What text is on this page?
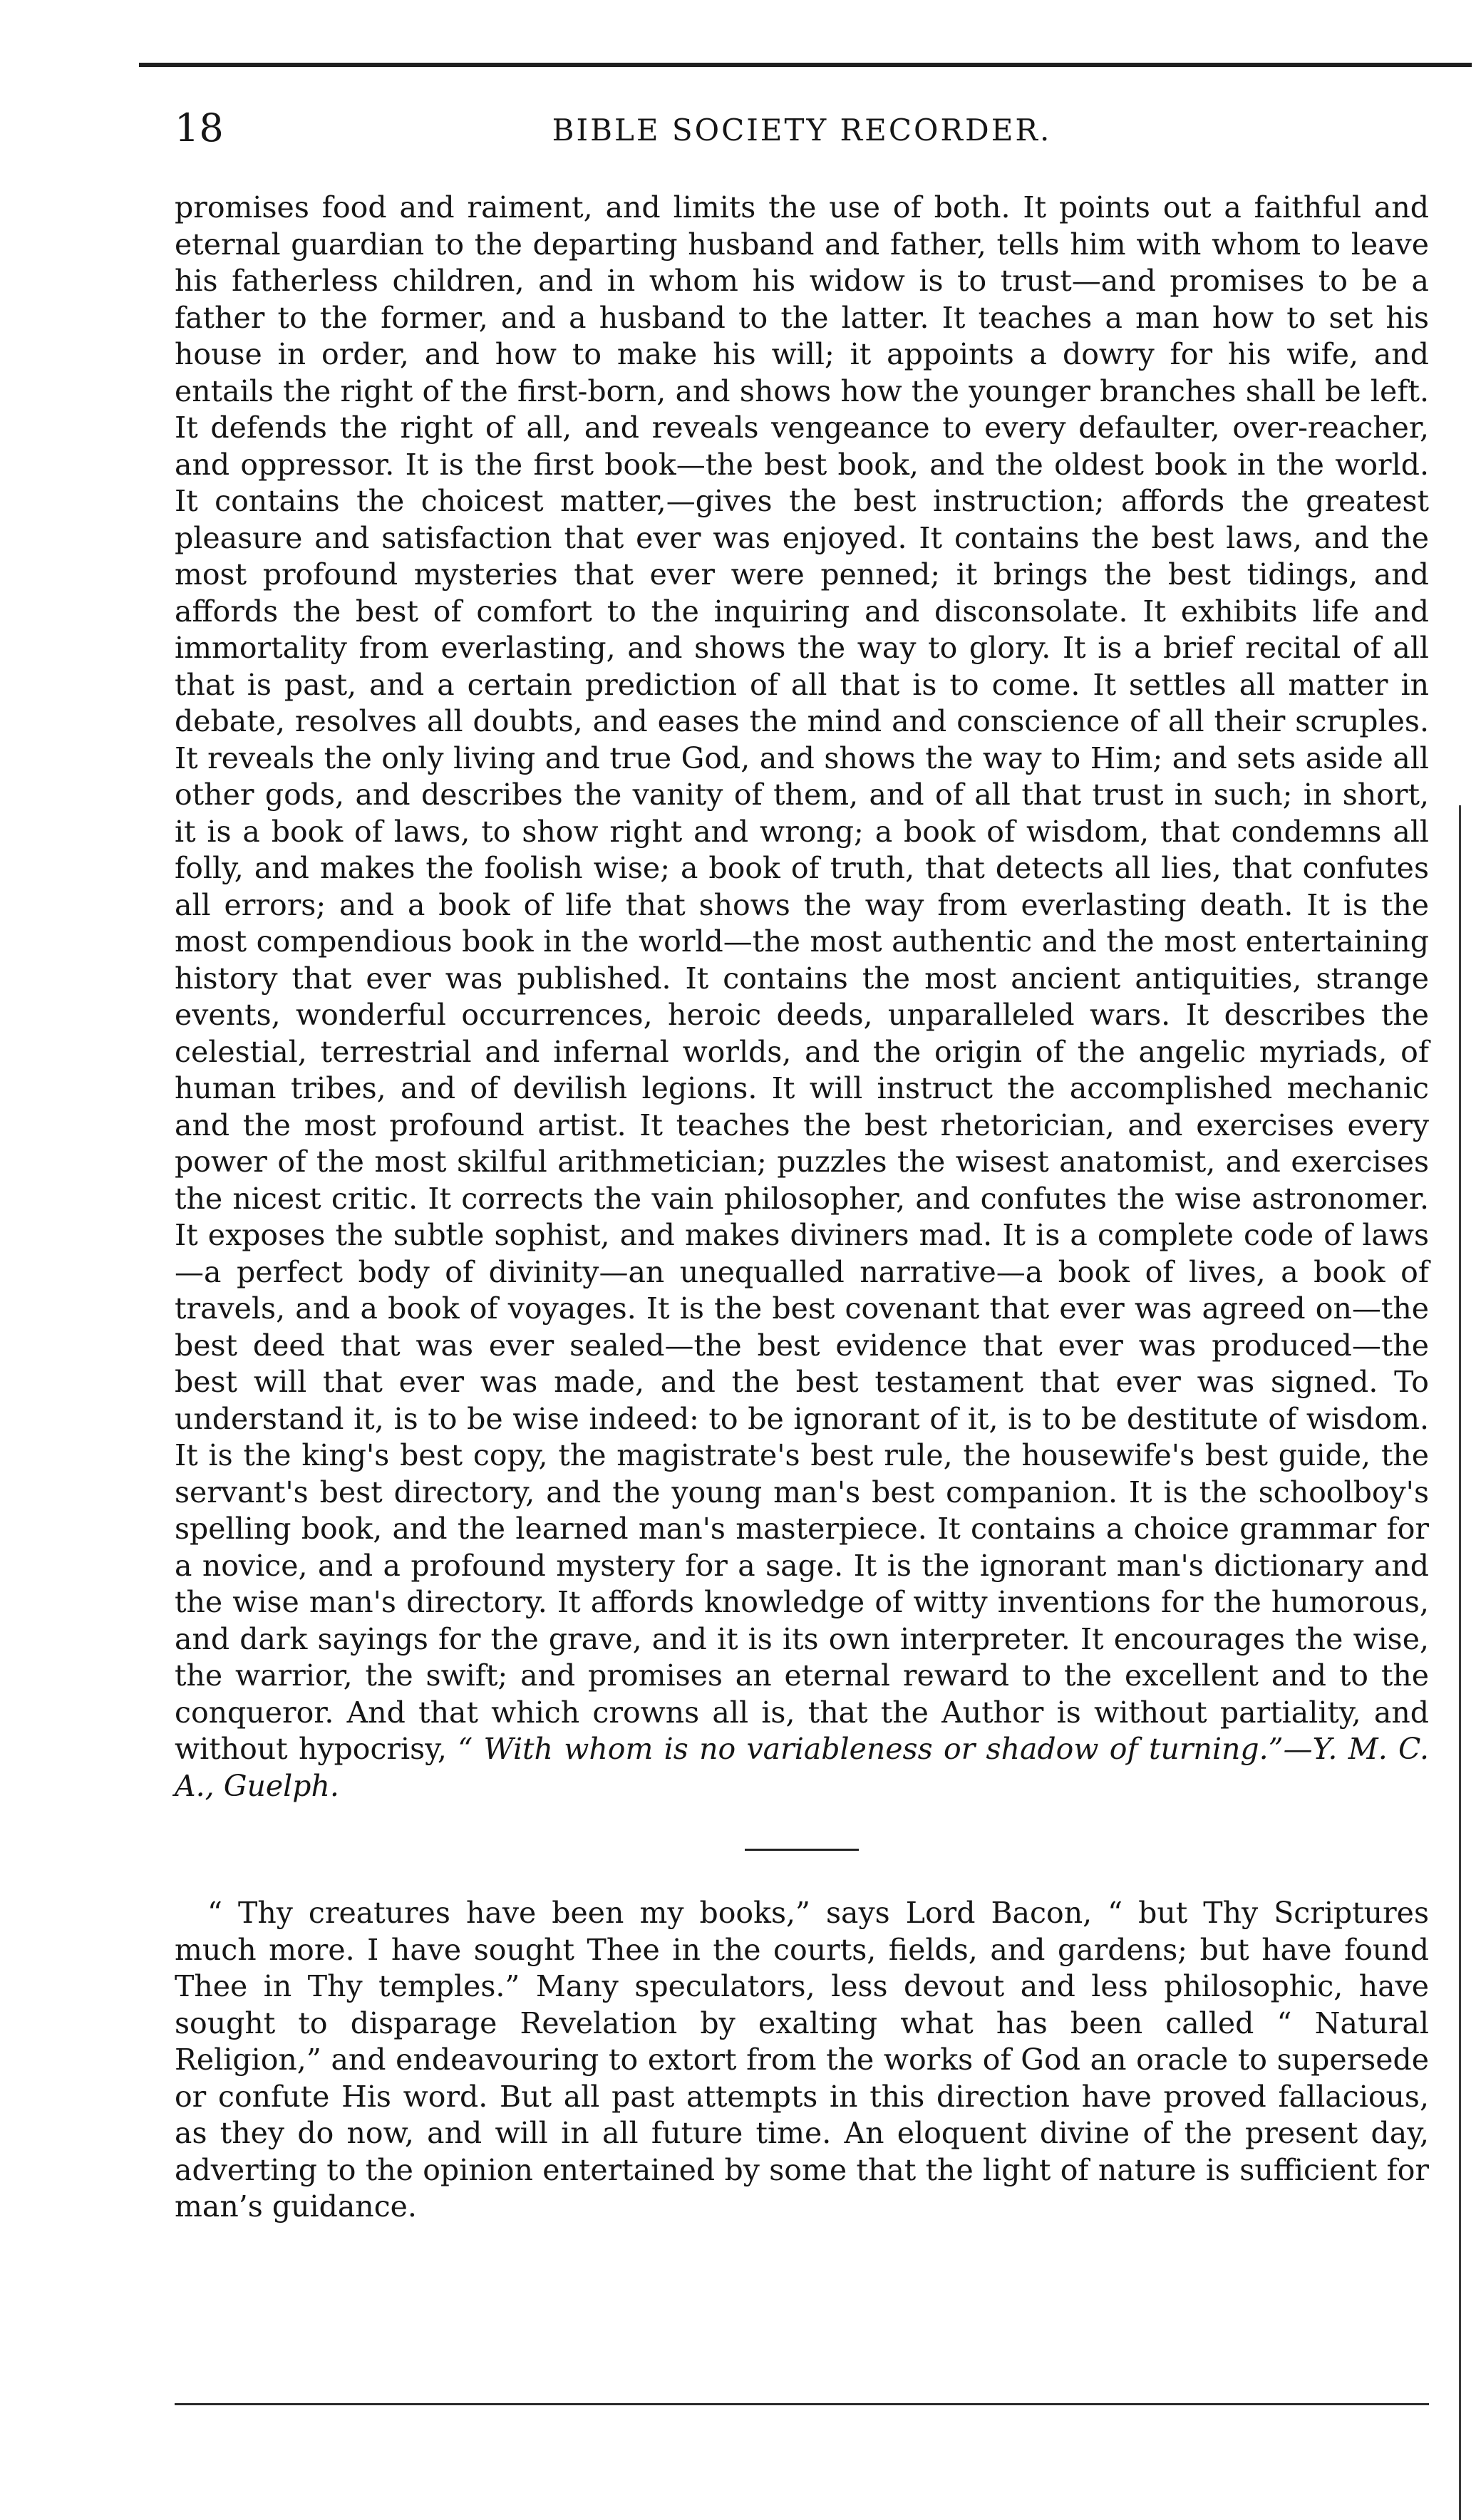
18	BIBLE SOCIETY RECORDER.

promises food and raiment, and limits the use of both. It points out a faithful and eternal guardian to the departing husband and father, tells him with whom to leave his fatherless children, and in whom his widow is to trust—and promises to be a father to the former, and a husband to the latter. It teaches a man how to set his house in order, and how to make his will; it appoints a dowry for his wife, and entails the right of the first-born, and shows how the younger branches shall be left. It defends the right of all, and reveals vengeance to every defaulter, over-reacher, and oppressor. It is the first book—the best book, and the oldest book in the world. It contains the choicest matter,—gives the best instruction; affords the greatest pleasure and satisfaction that ever was enjoyed. It contains the best laws, and the most profound mysteries that ever were penned; it brings the best tidings, and affords the best of comfort to the inquiring and disconsolate. It exhibits life and immortality from everlasting, and shows the way to glory. It is a brief recital of all that is past, and a certain prediction of all that is to come. It settles all matter in debate, resolves all doubts, and eases the mind and conscience of all their scruples. It reveals the only living and true God, and shows the way to Him; and sets aside all other gods, and describes the vanity of them, and of all that trust in such; in short, it is a book of laws, to show right and wrong; a book of wisdom, that condemns all folly, and makes the foolish wise; a book of truth, that detects all lies, that confutes all errors; and a book of life that shows the way from everlasting death. It is the most compendious book in the world—the most authentic and the most entertaining history that ever was published. It contains the most ancient antiquities, strange events, wonderful occurrences, heroic deeds, unparalleled wars. It describes the celestial, terrestrial and infernal worlds, and the origin of the angelic myriads, of human tribes, and of devilish legions. It will instruct the accomplished mechanic and the most profound artist. It teaches the best rhetorician, and exercises every power of the most skilful arithmetician; puzzles the wisest anatomist, and exercises the nicest critic. It corrects the vain philosopher, and confutes the wise astronomer. It exposes the subtle sophist, and makes diviners mad. It is a complete code of laws—a perfect body of divinity—an unequalled narrative—a book of lives, a book of travels, and a book of voyages. It is the best covenant that ever was agreed on—the best deed that was ever sealed—the best evidence that ever was produced—the best will that ever was made, and the best testament that ever was signed. To understand it, is to be wise indeed: to be ignorant of it, is to be destitute of wisdom. It is the king's best copy, the magistrate's best rule, the housewife's best guide, the servant's best directory, and the young man's best companion. It is the schoolboy's spelling book, and the learned man's masterpiece. It contains a choice grammar for a novice, and a profound mystery for a sage. It is the ignorant man's dictionary and the wise man's directory. It affords knowledge of witty inventions for the humorous, and dark sayings for the grave, and it is its own interpreter. It encourages the wise, the warrior, the swift; and promises an eternal reward to the excellent and to the conqueror. And that which crowns all is, that the Author is without partiality, and without hypocrisy, “ With whom is no variableness or shadow of turning.”—Y. M. C. A., Guelph.

“ Thy creatures have been my books,” says Lord Bacon, “ but Thy Scriptures much more. I have sought Thee in the courts, fields, and gardens; but have found Thee in Thy temples.” Many speculators, less devout and less philosophic, have sought to disparage Revelation by exalting what has been called “ Natural Religion,” and endeavouring to extort from the works of God an oracle to supersede or confute His word. But all past attempts in this direction have proved fallacious, as they do now, and will in all future time. An eloquent divine of the present day, adverting to the opinion entertained by some that the light of nature is sufficient for man’s guidance.
